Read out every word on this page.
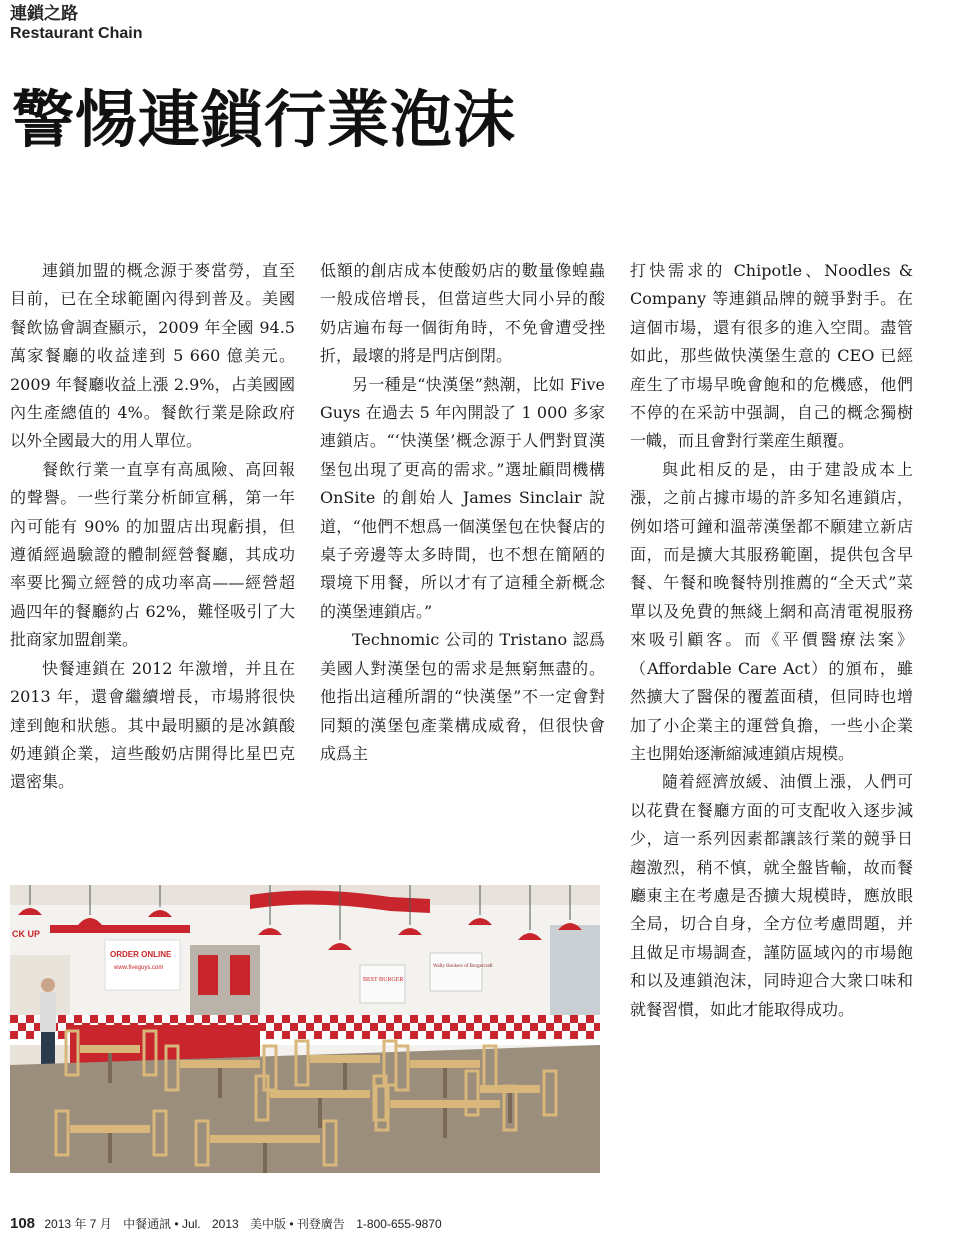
連鎖之路
Restaurant Chain
警惕連鎖行業泡沫

連鎖加盟的概念源于麥當勞，直至目前，已在全球範圍內得到普及。美國餐飲協會調查顯示，2009 年全國 94.5 萬家餐廳的收益達到 5 660 億美元。2009 年餐廳收益上漲 2.9%，占美國國內生產總值的 4%。餐飲行業是除政府以外全國最大的用人單位。

餐飲行業一直享有高風險、高回報的聲譽。一些行業分析師宣稱，第一年內可能有 90% 的加盟店出現虧損，但遵循經過驗證的體制經營餐廳，其成功率要比獨立經營的成功率高——經營超過四年的餐廳約占 62%，難怪吸引了大批商家加盟創業。

快餐連鎖在 2012 年激增，并且在 2013 年，還會繼續增長，市場將很快達到飽和狀態。其中最明顯的是冰鎮酸奶連鎖企業，這些酸奶店開得比星巴克還密集。

低額的創店成本使酸奶店的數量像蝗蟲一般成倍增長，但當這些大同小异的酸奶店遍布每一個街角時，不免會遭受挫折，最壞的將是門店倒閉。

另一種是“快漢堡”熱潮，比如 Five Guys 在過去 5 年內開設了 1 000 多家連鎖店。“‘快漢堡’概念源于人們對買漢堡包出現了更高的需求。”選址顧問機構 OnSite 的創始人 James Sinclair 說道，“他們不想爲一個漢堡包在快餐店的桌子旁邊等太多時間，也不想在簡陋的環境下用餐，所以才有了這種全新概念的漢堡連鎖店。”

Technomic 公司的 Tristano 認爲美國人對漢堡包的需求是無窮無盡的。他指出這種所謂的“快漢堡”不一定會對同類的漢堡包產業構成威脅，但很快會成爲主

打快需求的 Chipotle、Noodles & Company 等連鎖品牌的競爭對手。在這個市場，還有很多的進入空間。盡管如此，那些做快漢堡生意的 CEO 已經産生了市場早晚會飽和的危機感，他們不停的在采訪中强調，自己的概念獨樹一幟，而且會對行業産生顛覆。

與此相反的是，由于建設成本上漲，之前占據市場的許多知名連鎖店，例如塔可鐘和溫蒂漢堡都不願建立新店面，而是擴大其服務範圍，提供包含早餐、午餐和晚餐特別推薦的“全天式”菜單以及免費的無綫上網和高清電視服務來吸引顧客。而《平價醫療法案》（Affordable Care Act）的頒布，雖然擴大了醫保的覆蓋面積，但同時也增加了小企業主的運營負擔，一些小企業主也開始逐漸縮減連鎖店規模。

隨着經濟放緩、油價上漲，人們可以花費在餐廳方面的可支配收入逐步減少，這一系列因素都讓該行業的競爭日趨激烈，稍不慎，就全盤皆輸，故而餐廳東主在考慮是否擴大規模時，應放眼全局，切合自身，全方位考慮問題，并且做足市場調查，謹防區域內的市場飽和以及連鎖泡沫，同時迎合大衆口味和就餐習慣，如此才能取得成功。

CK UP
ORDER ONLINE
www.fiveguys.com
BEST BURGER
Wally Hookers of Burgercraft
108 2013 年 7 月 中餐通訊 • Jul. 2013 美中版 • 刊登廣告 1-800-655-9870
